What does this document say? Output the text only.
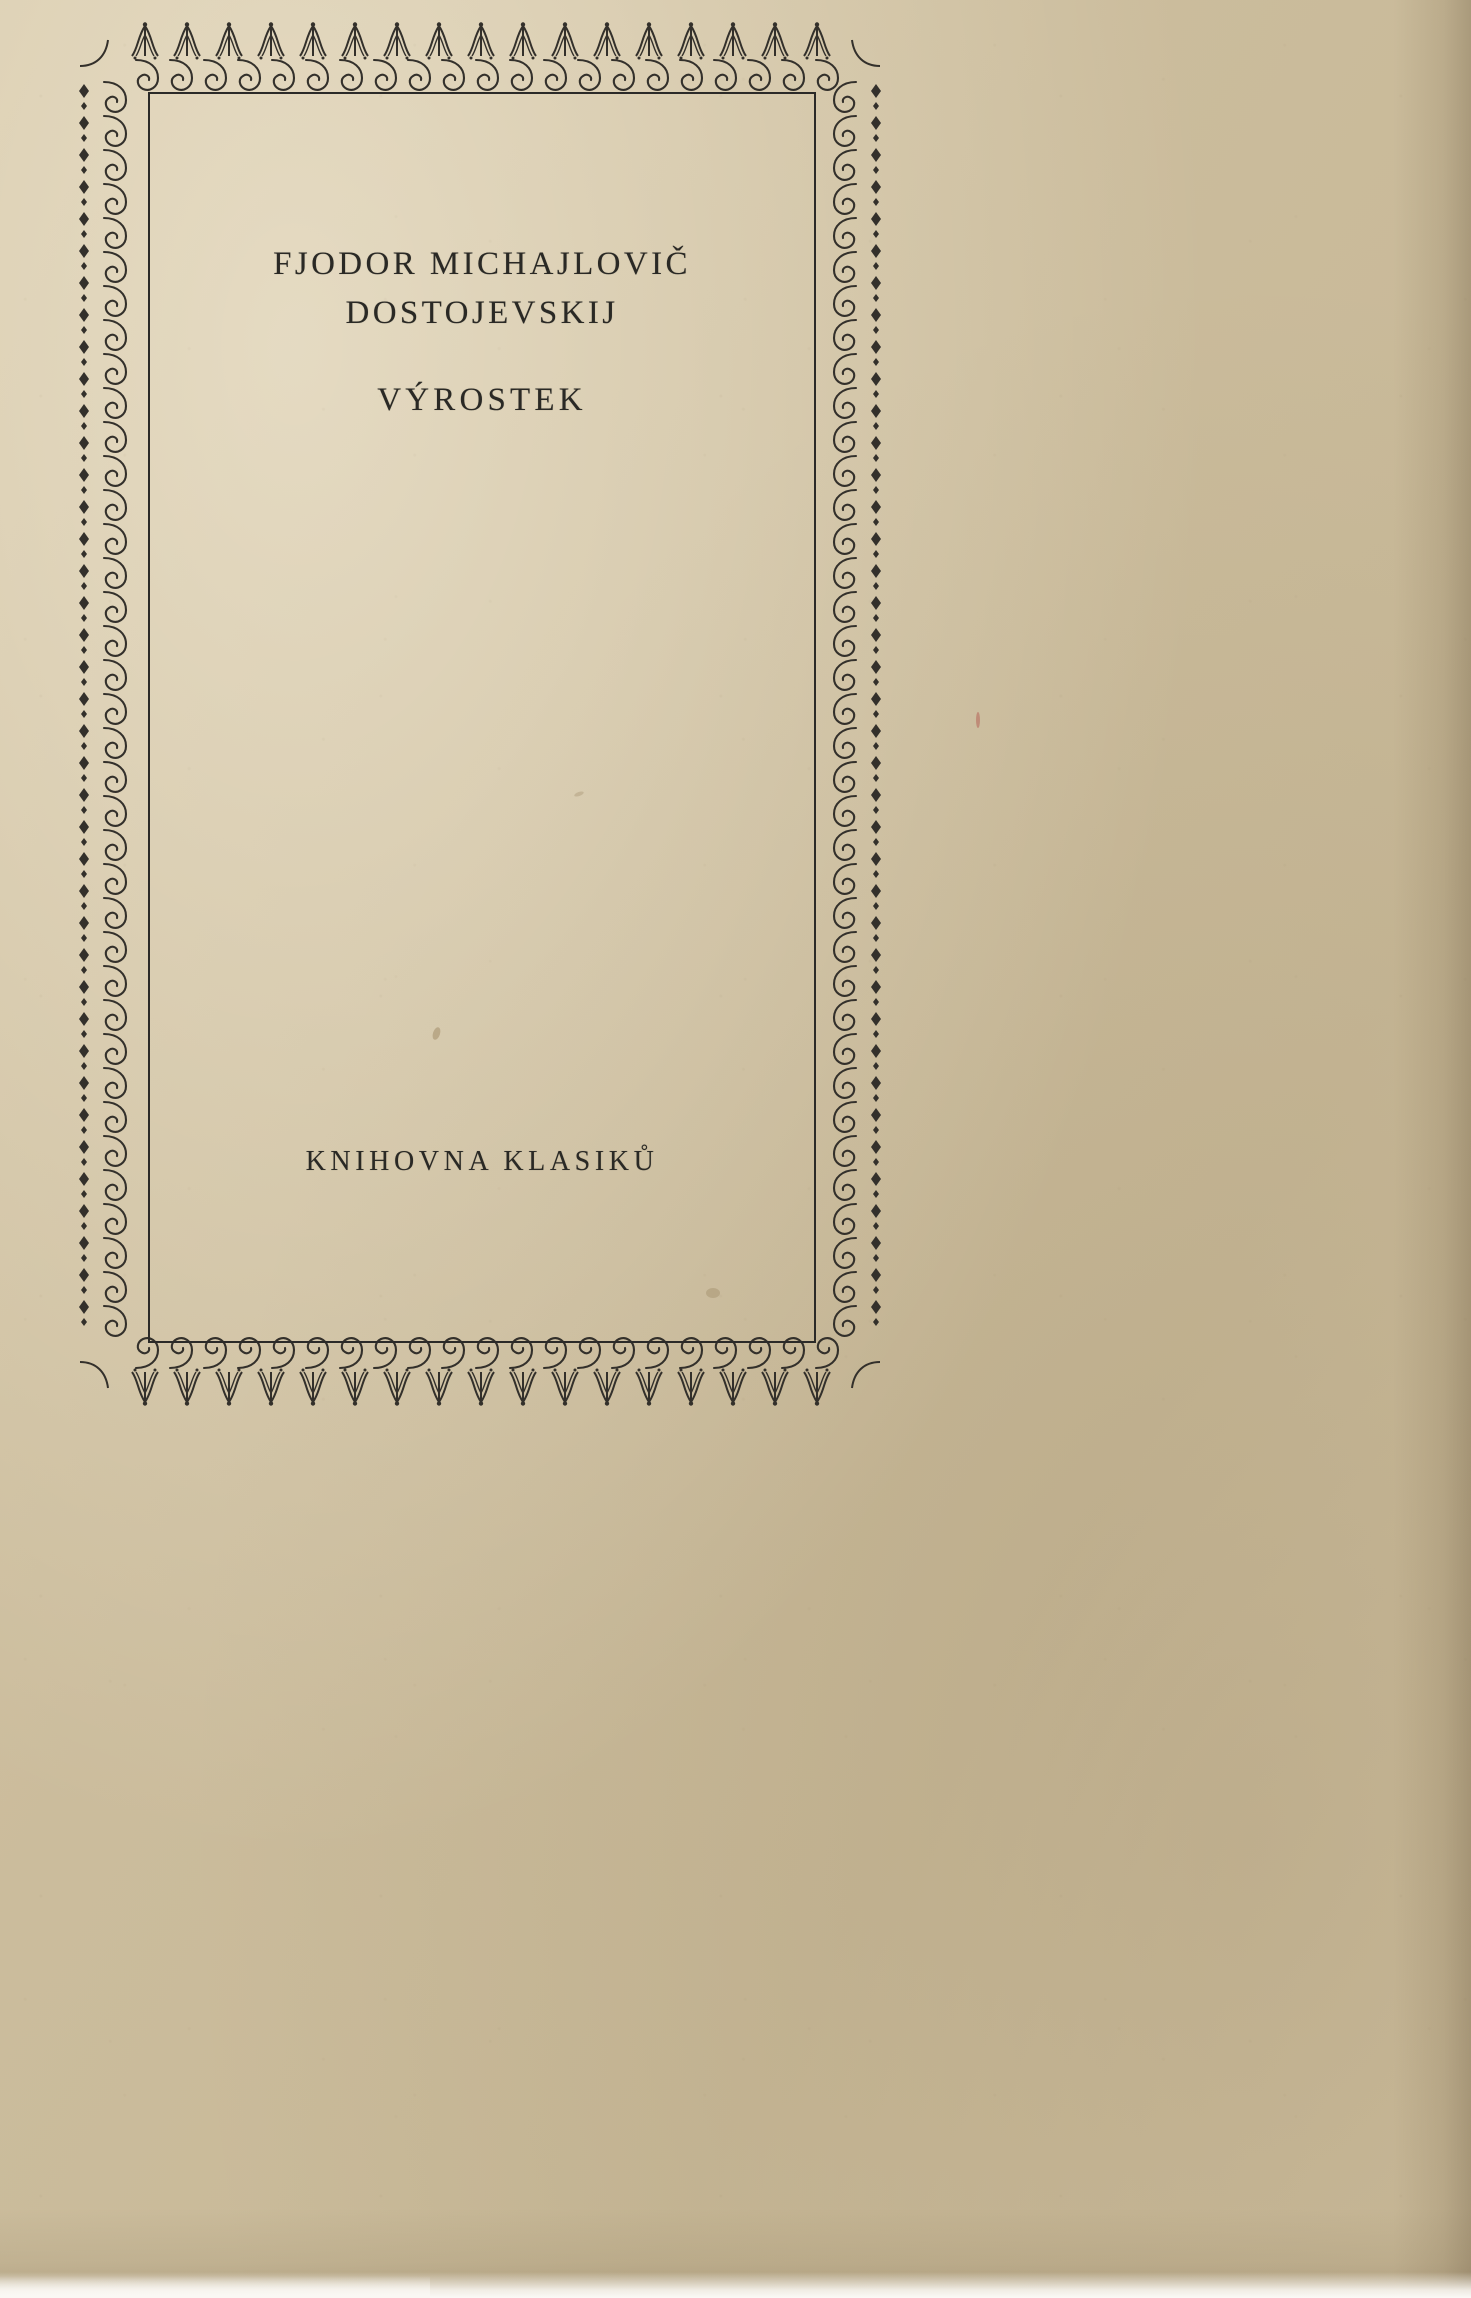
FJODOR MICHAJLOVIČ
DOSTOJEVSKIJ
VÝROSTEK
KNIHOVNA KLASIKŮ
